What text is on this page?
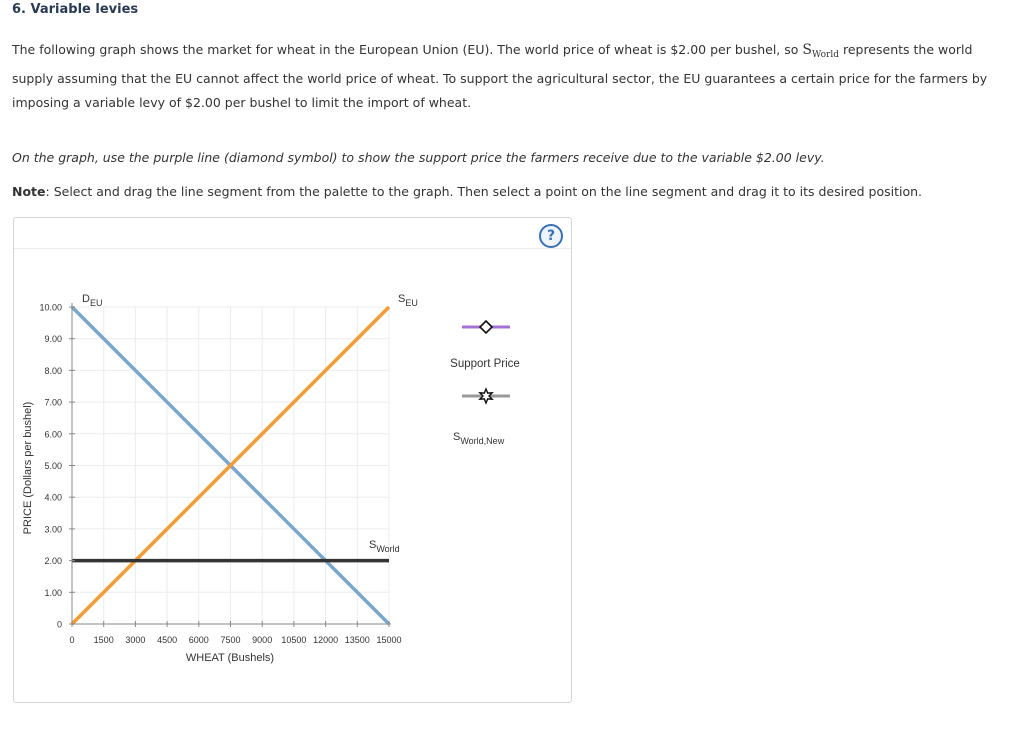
6. Variable levies
The following graph shows the market for wheat in the European Union (EU). The world price of wheat is $2.00 per bushel, so $S_{World}$ represents the world supply assuming that the EU cannot affect the world price of wheat. To support the agricultural sector, the EU guarantees a certain price for the farmers by imposing a variable levy of $2.00 per bushel to limit the import of wheat.
On the graph, use the purple line (diamond symbol) to show the support price the farmers receive due to the variable $2.00 levy.
Note: Select and drag the line segment from the palette to the graph. Then select a point on the line segment and drag it to its desired position.
?
0
1.00
2.00
3.00
4.00
5.00
6.00
7.00
8.00
9.00
10.00
0 1500 3000 4500 6000 7500 9000 10500 12000 13500 15000
$D_{EU}$	$S_{EU}$
$S_{World}$
PRICE (Dollars per bushel)
WHEAT (Bushels)
Support Price
$S_{World,New}$
